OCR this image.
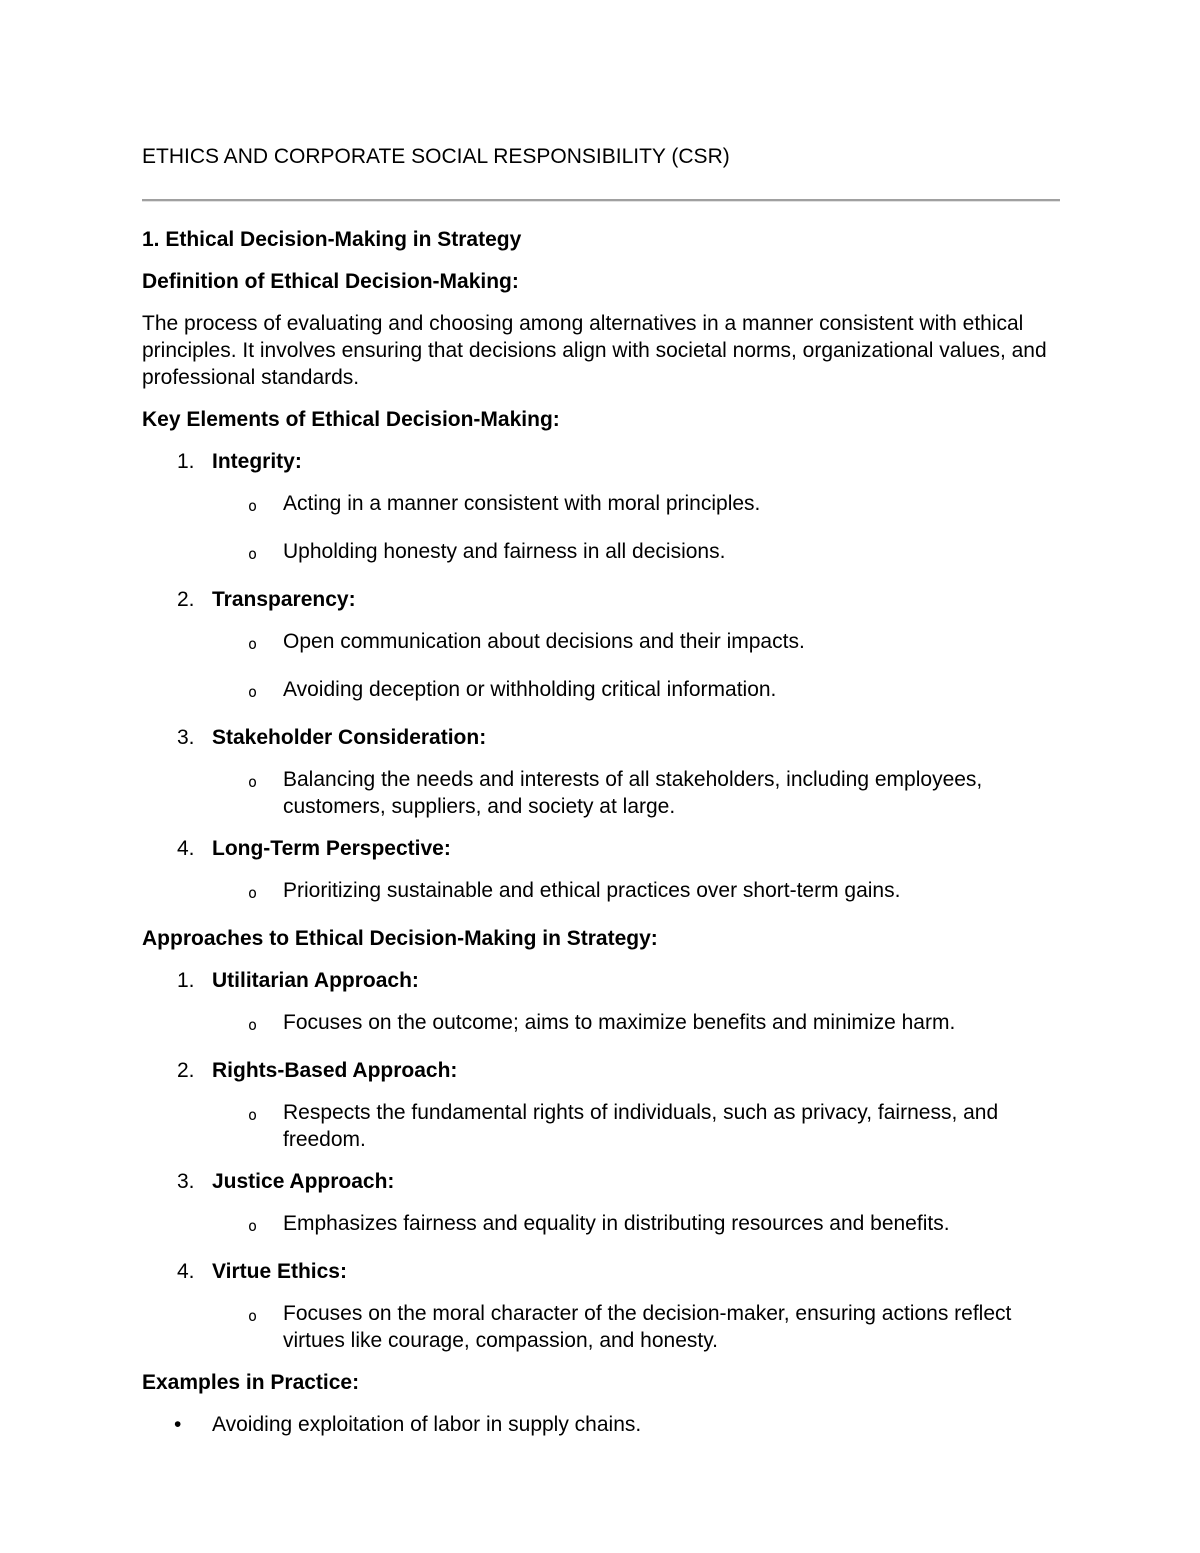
ETHICS AND CORPORATE SOCIAL RESPONSIBILITY (CSR)
1. Ethical Decision-Making in Strategy
Definition of Ethical Decision-Making:
The process of evaluating and choosing among alternatives in a manner consistent with ethical principles. It involves ensuring that decisions align with societal norms, organizational values, and professional standards.
Key Elements of Ethical Decision-Making:
1. Integrity:
o	Acting in a manner consistent with moral principles.
o	Upholding honesty and fairness in all decisions.
2. Transparency:
o	Open communication about decisions and their impacts.
o	Avoiding deception or withholding critical information.
3. Stakeholder Consideration:
o	Balancing the needs and interests of all stakeholders, including employees, customers, suppliers, and society at large.
4. Long-Term Perspective:
o	Prioritizing sustainable and ethical practices over short-term gains.
Approaches to Ethical Decision-Making in Strategy:
1. Utilitarian Approach:
o	Focuses on the outcome; aims to maximize benefits and minimize harm.
2. Rights-Based Approach:
o	Respects the fundamental rights of individuals, such as privacy, fairness, and freedom.
3. Justice Approach:
o	Emphasizes fairness and equality in distributing resources and benefits.
4. Virtue Ethics:
o	Focuses on the moral character of the decision-maker, ensuring actions reflect virtues like courage, compassion, and honesty.
Examples in Practice:
•	Avoiding exploitation of labor in supply chains.
